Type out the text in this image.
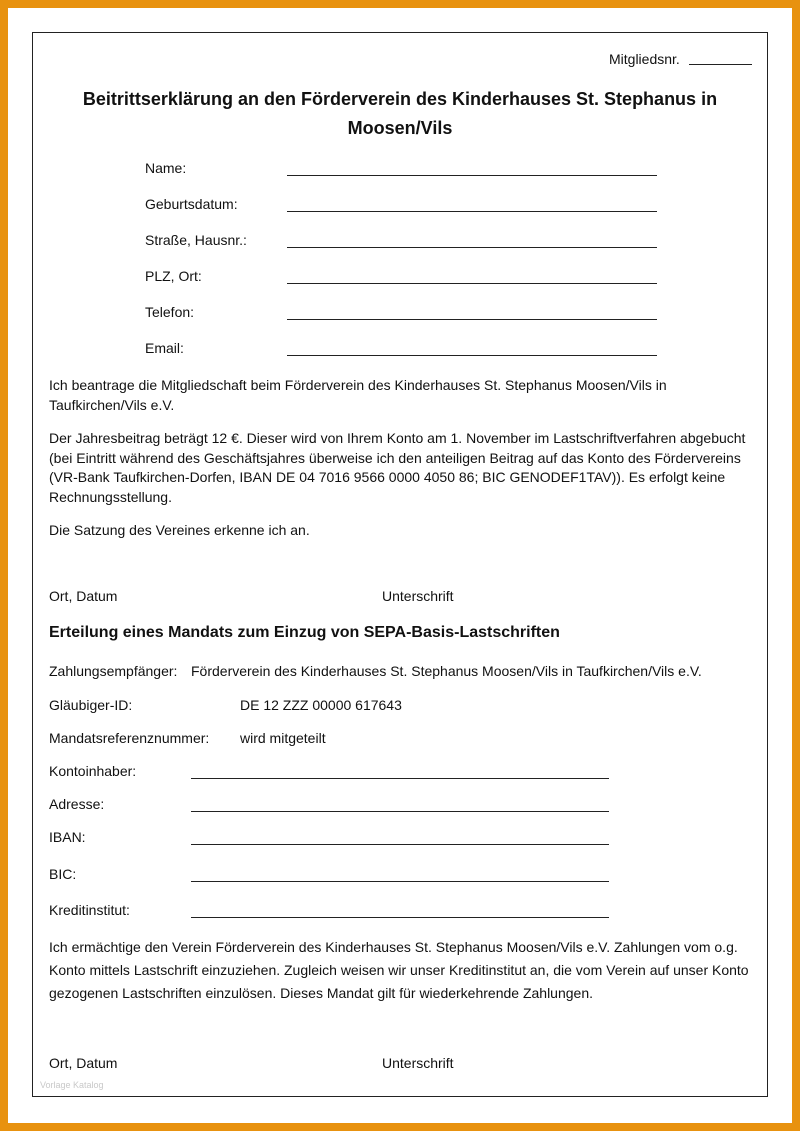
Mitgliedsnr.
Beitrittserklärung an den Förderverein des Kinderhauses St. Stephanus in
Moosen/Vils
Name:
Geburtsdatum:
Straße, Hausnr.:
PLZ, Ort:
Telefon:
Email:
Ich beantrage die Mitgliedschaft beim Förderverein des Kinderhauses St. Stephanus Moosen/Vils in Taufkirchen/Vils e.V.
Der Jahresbeitrag beträgt 12 €. Dieser wird von Ihrem Konto am 1. November im Lastschriftverfahren abgebucht (bei Eintritt während des Geschäftsjahres überweise ich den anteiligen Beitrag auf das Konto des Fördervereins (VR-Bank Taufkirchen-Dorfen, IBAN DE 04 7016 9566 0000 4050 86; BIC GENODEF1TAV)). Es erfolgt keine Rechnungsstellung.
Die Satzung des Vereines erkenne ich an.
Ort, Datum	Unterschrift
Erteilung eines Mandats zum Einzug von SEPA-Basis-Lastschriften
Zahlungsempfänger: Förderverein des Kinderhauses St. Stephanus Moosen/Vils in Taufkirchen/Vils e.V.
Gläubiger-ID:	DE 12 ZZZ 00000 617643
Mandatsreferenznummer: wird mitgeteilt
Kontoinhaber:
Adresse:
IBAN:
BIC:
Kreditinstitut:
Ich ermächtige den Verein Förderverein des Kinderhauses St. Stephanus Moosen/Vils e.V. Zahlungen vom o.g. Konto mittels Lastschrift einzuziehen. Zugleich weisen wir unser Kreditinstitut an, die vom Verein auf unser Konto gezogenen Lastschriften einzulösen. Dieses Mandat gilt für wiederkehrende Zahlungen.
Ort, Datum	Unterschrift
Vorlage Katalog
